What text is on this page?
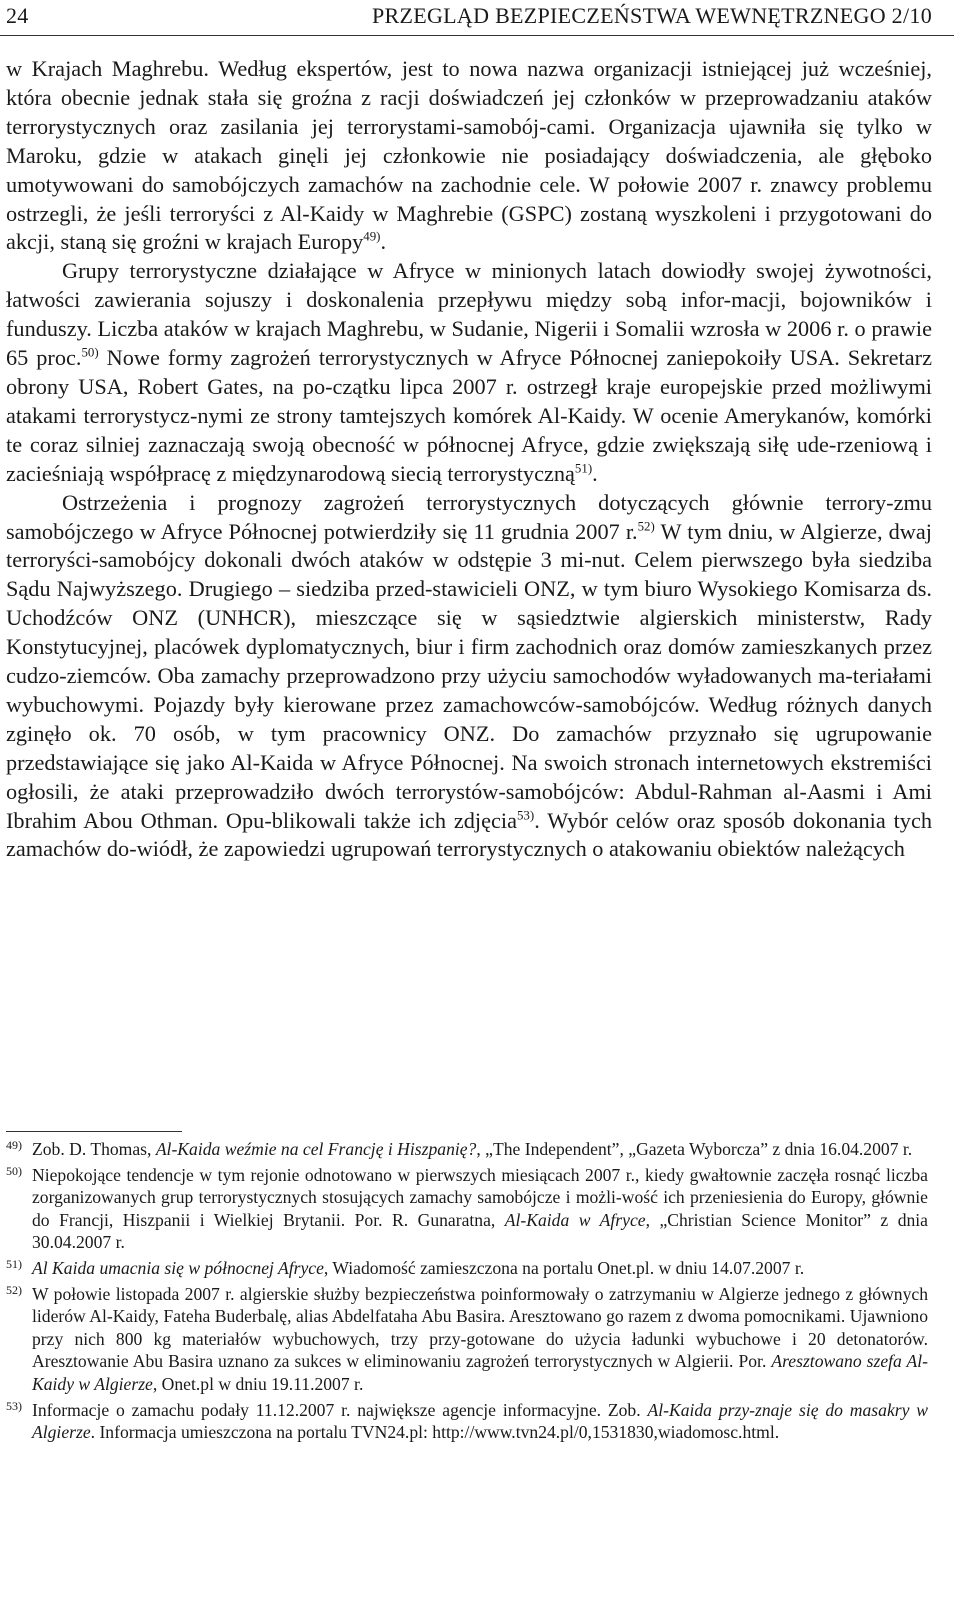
24	PRZEGLĄD BEZPIECZEŃSTWA WEWNĘTRZNEGO 2/10

w Krajach Maghrebu. Według ekspertów, jest to nowa nazwa organizacji istniejącej już wcześniej, która obecnie jednak stała się groźna z racji doświadczeń jej członków w przeprowadzaniu ataków terrorystycznych oraz zasilania jej terrorystami-samobój-cami. Organizacja ujawniła się tylko w Maroku, gdzie w atakach ginęli jej członkowie nie posiadający doświadczenia, ale głęboko umotywowani do samobójczych zamachów na zachodnie cele. W połowie 2007 r. znawcy problemu ostrzegli, że jeśli terroryści z Al-Kaidy w Maghrebie (GSPC) zostaną wyszkoleni i przygotowani do akcji, staną się groźni w krajach Europy$^{49)}$.

Grupy terrorystyczne działające w Afryce w minionych latach dowiodły swojej żywotności, łatwości zawierania sojuszy i doskonalenia przepływu między sobą infor-macji, bojowników i funduszy. Liczba ataków w krajach Maghrebu, w Sudanie, Nigerii i Somalii wzrosła w 2006 r. o prawie 65 proc.$^{50)}$ Nowe formy zagrożeń terrorystycznych w Afryce Północnej zaniepokoiły USA. Sekretarz obrony USA, Robert Gates, na po-czątku lipca 2007 r. ostrzegł kraje europejskie przed możliwymi atakami terrorystycz-nymi ze strony tamtejszych komórek Al-Kaidy. W ocenie Amerykanów, komórki te coraz silniej zaznaczają swoją obecność w północnej Afryce, gdzie zwiększają siłę ude-rzeniową i zacieśniają współpracę z międzynarodową siecią terrorystyczną$^{51)}$.

Ostrzeżenia i prognozy zagrożeń terrorystycznych dotyczących głównie terrory-zmu samobójczego w Afryce Północnej potwierdziły się 11 grudnia 2007 r.$^{52)}$ W tym dniu, w Algierze, dwaj terroryści-samobójcy dokonali dwóch ataków w odstępie 3 mi-nut. Celem pierwszego była siedziba Sądu Najwyższego. Drugiego – siedziba przed-stawicieli ONZ, w tym biuro Wysokiego Komisarza ds. Uchodźców ONZ (UNHCR), mieszczące się w sąsiedztwie algierskich ministerstw, Rady Konstytucyjnej, placówek dyplomatycznych, biur i firm zachodnich oraz domów zamieszkanych przez cudzo-ziemców. Oba zamachy przeprowadzono przy użyciu samochodów wyładowanych ma-teriałami wybuchowymi. Pojazdy były kierowane przez zamachowców-samobójców. Według różnych danych zginęło ok. 70 osób, w tym pracownicy ONZ. Do zamachów przyznało się ugrupowanie przedstawiające się jako Al-Kaida w Afryce Północnej. Na swoich stronach internetowych ekstremiści ogłosili, że ataki przeprowadziło dwóch terrorystów-samobójców: Abdul-Rahman al-Aasmi i Ami Ibrahim Abou Othman. Opu-blikowali także ich zdjęcia$^{53)}$. Wybór celów oraz sposób dokonania tych zamachów do-wiódł, że zapowiedzi ugrupowań terrorystycznych o atakowaniu obiektów należących

49) Zob. D. Thomas, Al-Kaida weźmie na cel Francję i Hiszpanię?, „The Independent”, „Gazeta Wyborcza” z dnia 16.04.2007 r.
50) Niepokojące tendencje w tym rejonie odnotowano w pierwszych miesiącach 2007 r., kiedy gwałtownie zaczęła rosnąć liczba zorganizowanych grup terrorystycznych stosujących zamachy samobójcze i możli-wość ich przeniesienia do Europy, głównie do Francji, Hiszpanii i Wielkiej Brytanii. Por. R. Gunaratna, Al-Kaida w Afryce, „Christian Science Monitor” z dnia 30.04.2007 r.
51) Al Kaida umacnia się w północnej Afryce, Wiadomość zamieszczona na portalu Onet.pl. w dniu 14.07.2007 r.
52) W połowie listopada 2007 r. algierskie służby bezpieczeństwa poinformowały o zatrzymaniu w Algierze jednego z głównych liderów Al-Kaidy, Fateha Buderbalę, alias Abdelfataha Abu Basira. Aresztowano go razem z dwoma pomocnikami. Ujawniono przy nich 800 kg materiałów wybuchowych, trzy przy-gotowane do użycia ładunki wybuchowe i 20 detonatorów. Aresztowanie Abu Basira uznano za sukces w eliminowaniu zagrożeń terrorystycznych w Algierii. Por. Aresztowano szefa Al-Kaidy w Algierze, Onet.pl w dniu 19.11.2007 r.
53) Informacje o zamachu podały 11.12.2007 r. największe agencje informacyjne. Zob. Al-Kaida przy-znaje się do masakry w Algierze. Informacja umieszczona na portalu TVN24.pl: http://www.tvn24.pl/0,1531830,wiadomosc.html.
